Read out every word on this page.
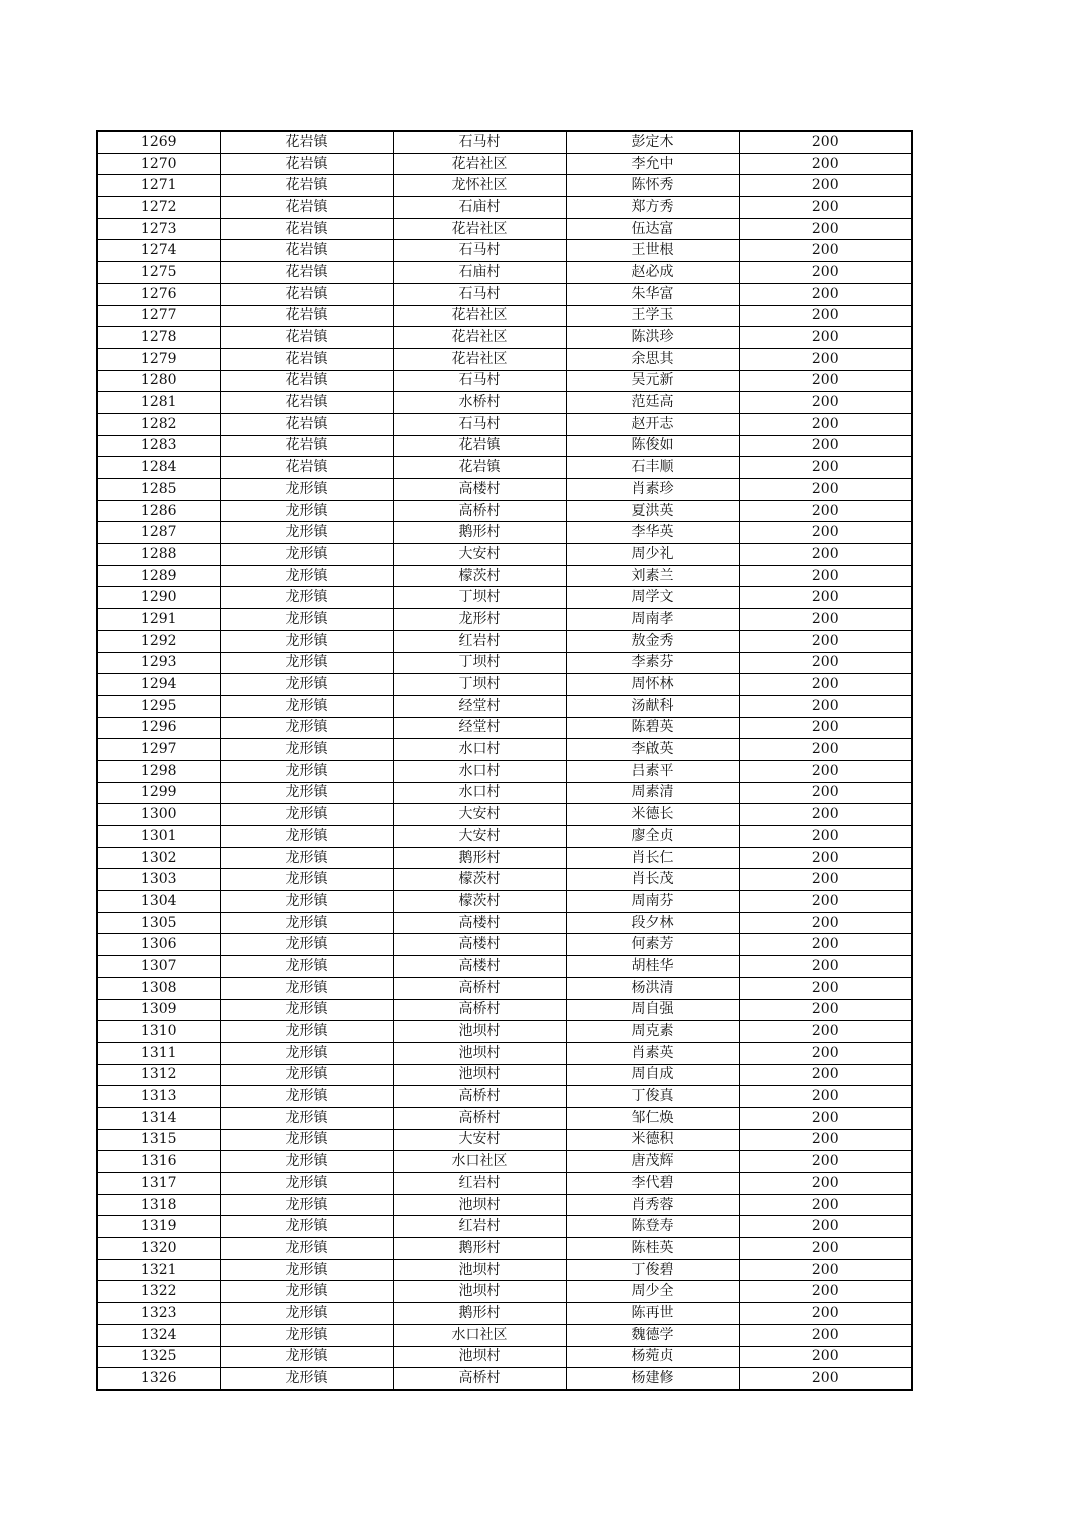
1269	花岩镇	石马村	彭定木	200
1270	花岩镇	花岩社区	李允中	200
1271	花岩镇	龙怀社区	陈怀秀	200
1272	花岩镇	石庙村	郑方秀	200
1273	花岩镇	花岩社区	伍达富	200
1274	花岩镇	石马村	王世根	200
1275	花岩镇	石庙村	赵必成	200
1276	花岩镇	石马村	朱华富	200
1277	花岩镇	花岩社区	王学玉	200
1278	花岩镇	花岩社区	陈洪珍	200
1279	花岩镇	花岩社区	余思其	200
1280	花岩镇	石马村	吴元新	200
1281	花岩镇	水桥村	范廷高	200
1282	花岩镇	石马村	赵开志	200
1283	花岩镇	花岩镇	陈俊如	200
1284	花岩镇	花岩镇	石丰顺	200
1285	龙形镇	高楼村	肖素珍	200
1286	龙形镇	高桥村	夏洪英	200
1287	龙形镇	鹅形村	李华英	200
1288	龙形镇	大安村	周少礼	200
1289	龙形镇	檬茨村	刘素兰	200
1290	龙形镇	丁坝村	周学文	200
1291	龙形镇	龙形村	周南孝	200
1292	龙形镇	红岩村	敖金秀	200
1293	龙形镇	丁坝村	李素芬	200
1294	龙形镇	丁坝村	周怀林	200
1295	龙形镇	经堂村	汤献科	200
1296	龙形镇	经堂村	陈碧英	200
1297	龙形镇	水口村	李啟英	200
1298	龙形镇	水口村	吕素平	200
1299	龙形镇	水口村	周素清	200
1300	龙形镇	大安村	米德长	200
1301	龙形镇	大安村	廖全贞	200
1302	龙形镇	鹅形村	肖长仁	200
1303	龙形镇	檬茨村	肖长茂	200
1304	龙形镇	檬茨村	周南芬	200
1305	龙形镇	高楼村	段夕林	200
1306	龙形镇	高楼村	何素芳	200
1307	龙形镇	高楼村	胡桂华	200
1308	龙形镇	高桥村	杨洪清	200
1309	龙形镇	高桥村	周自强	200
1310	龙形镇	池坝村	周克素	200
1311	龙形镇	池坝村	肖素英	200
1312	龙形镇	池坝村	周自成	200
1313	龙形镇	高桥村	丁俊真	200
1314	龙形镇	高桥村	邹仁焕	200
1315	龙形镇	大安村	米德积	200
1316	龙形镇	水口社区	唐茂辉	200
1317	龙形镇	红岩村	李代碧	200
1318	龙形镇	池坝村	肖秀蓉	200
1319	龙形镇	红岩村	陈登寿	200
1320	龙形镇	鹅形村	陈桂英	200
1321	龙形镇	池坝村	丁俊碧	200
1322	龙形镇	池坝村	周少全	200
1323	龙形镇	鹅形村	陈再世	200
1324	龙形镇	水口社区	魏德学	200
1325	龙形镇	池坝村	杨菀贞	200
1326	龙形镇	高桥村	杨建修	200
